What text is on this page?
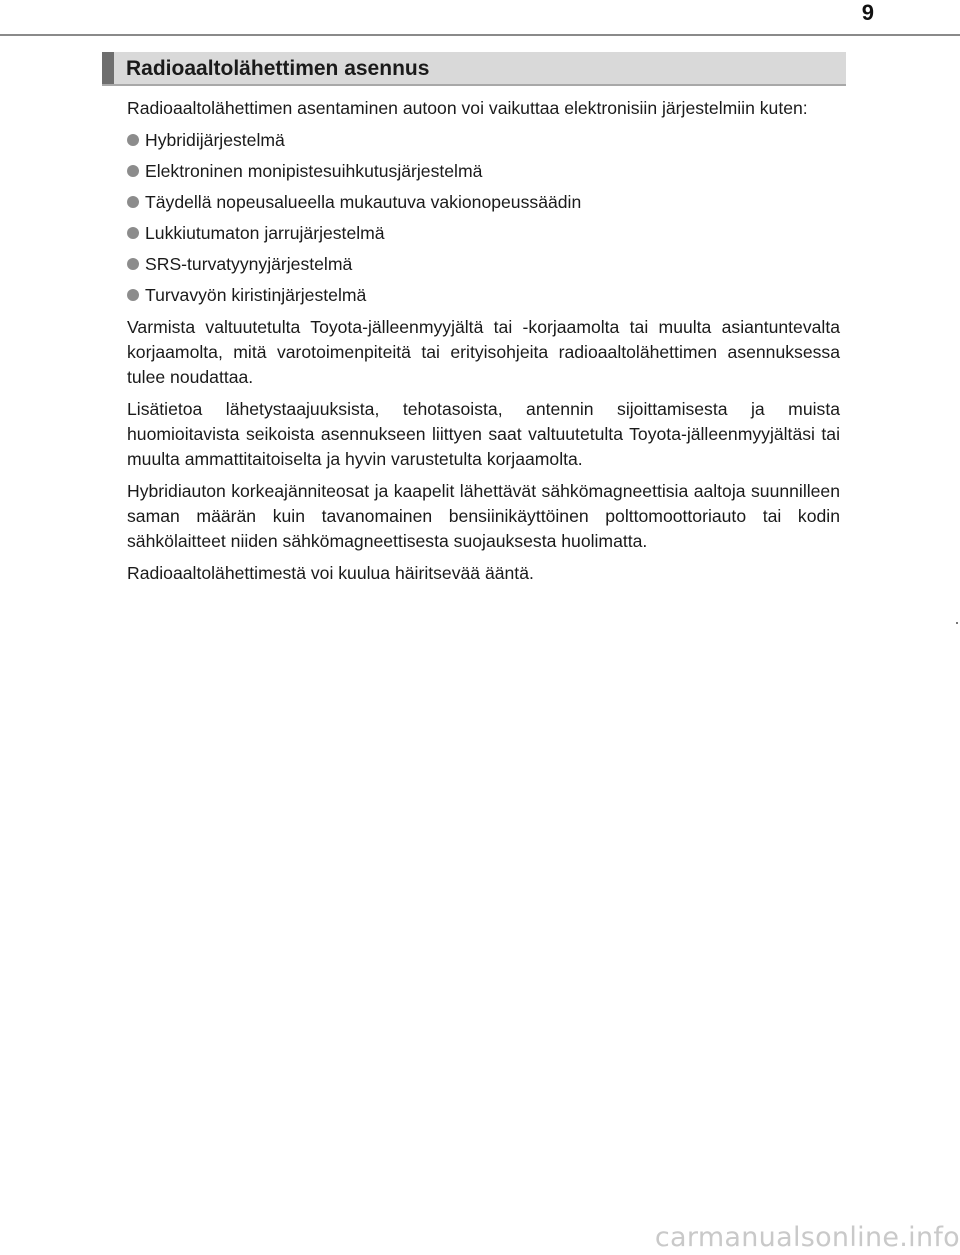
9
Radioaaltolähettimen asennus

Radioaaltolähettimen asentaminen autoon voi vaikuttaa elektronisiin järjestelmiin kuten:

Hybridijärjestelmä
Elektroninen monipistesuihkutusjärjestelmä
Täydellä nopeusalueella mukautuva vakionopeussäädin
Lukkiutumaton jarrujärjestelmä
SRS-turvatyynyjärjestelmä
Turvavyön kiristinjärjestelmä

Varmista valtuutetulta Toyota-jälleenmyyjältä tai -korjaamolta tai muulta asiantuntevalta korjaamolta, mitä varotoimenpiteitä tai erityisohjeita radioaaltolähettimen asennuksessa tulee noudattaa.

Lisätietoa lähetystaajuuksista, tehotasoista, antennin sijoittamisesta ja muista huomioitavista seikoista asennukseen liittyen saat valtuutetulta Toyota-jälleenmyyjältäsi tai muulta ammattitaitoiselta ja hyvin varustetulta korjaamolta.

Hybridiauton korkeajänniteosat ja kaapelit lähettävät sähkömagneettisia aaltoja suunnilleen saman määrän kuin tavanomainen bensiinikäyttöinen polttomoottoriauto tai kodin sähkölaitteet niiden sähkömagneettisesta suojauksesta huolimatta.

Radioaaltolähettimestä voi kuulua häiritsevää ääntä.

carmanualsonline.info
